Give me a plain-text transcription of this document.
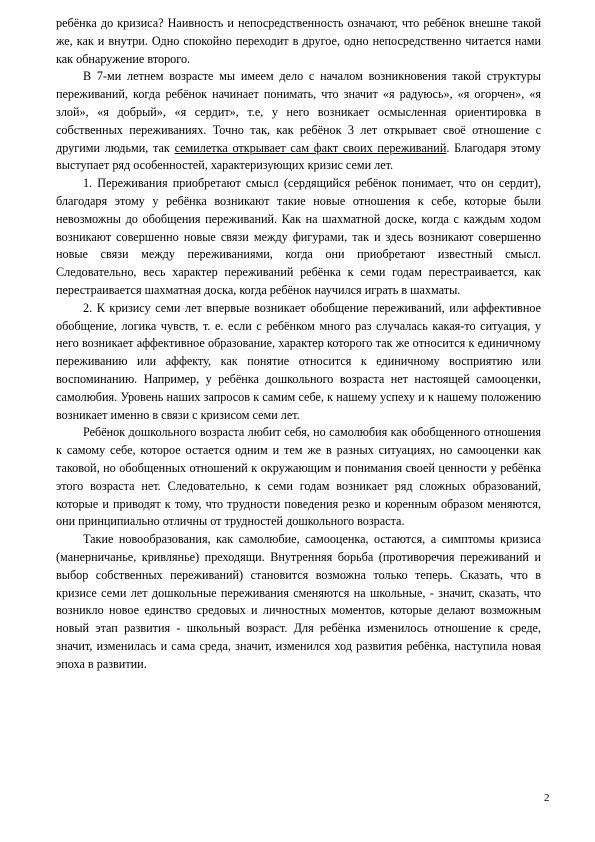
ребёнка до кризиса? Наивность и непосредственность означают, что ребёнок внешне такой же, как и внутри. Одно спокойно переходит в другое, одно непосредственно читается нами как обнаружение второго.

В 7-ми летнем возрасте мы имеем дело с началом возникновения такой структуры переживаний, когда ребёнок начинает понимать, что значит «я радуюсь», «я огорчен», «я злой», «я добрый», «я сердит», т.е, у него возникает осмысленная ориентировка в собственных переживаниях. Точно так, как ребёнок 3 лет открывает своё отношение с другими людьми, так семилетка открывает сам факт своих переживаний. Благодаря этому выступает ряд особенностей, характеризующих кризис семи лет.

1. Переживания приобретают смысл (сердящийся ребёнок понимает, что он сердит), благодаря этому у ребёнка возникают такие новые отношения к себе, которые были невозможны до обобщения переживаний. Как на шахматной доске, когда с каждым ходом возникают совершенно новые связи между фигурами, так и здесь возникают совершенно новые связи между переживаниями, когда они приобретают известный смысл. Следовательно, весь характер переживаний ребёнка к семи годам перестраивается, как перестраивается шахматная доска, когда ребёнок научился играть в шахматы.

2. К кризису семи лет впервые возникает обобщение переживаний, или аффективное обобщение, логика чувств, т. е. если с ребёнком много раз случалась какая-то ситуация, у него возникает аффективное образование, характер которого так же относится к единичному переживанию или аффекту, как понятие относится к единичному восприятию или воспоминанию. Например, у ребёнка дошкольного возраста нет настоящей самооценки, самолюбия. Уровень наших запросов к самим себе, к нашему успеху и к нашему положению возникает именно в связи с кризисом семи лет.

Ребёнок дошкольного возраста любит себя, но самолюбия как обобщенного отношения к самому себе, которое остается одним и тем же в разных ситуациях, но самооценки как таковой, но обобщенных отношений к окружающим и понимания своей ценности у ребёнка этого возраста нет. Следовательно, к семи годам возникает ряд сложных образований, которые и приводят к тому, что трудности поведения резко и коренным образом меняются, они принципиально отличны от трудностей дошкольного возраста.

Такие новообразования, как самолюбие, самооценка, остаются, а симптомы кризиса (манерничанье, кривлянье) преходящи. Внутренняя борьба (противоречия переживаний и выбор собственных переживаний) становится возможна только теперь. Сказать, что в кризисе семи лет дошкольные переживания сменяются на школьные, - значит, сказать, что возникло новое единство средовых и личностных моментов, которые делают возможным новый этап развития - школьный возраст. Для ребёнка изменилось отношение к среде, значит, изменилась и сама среда, значит, изменился ход развития ребёнка, наступила новая эпоха в развитии.

2
